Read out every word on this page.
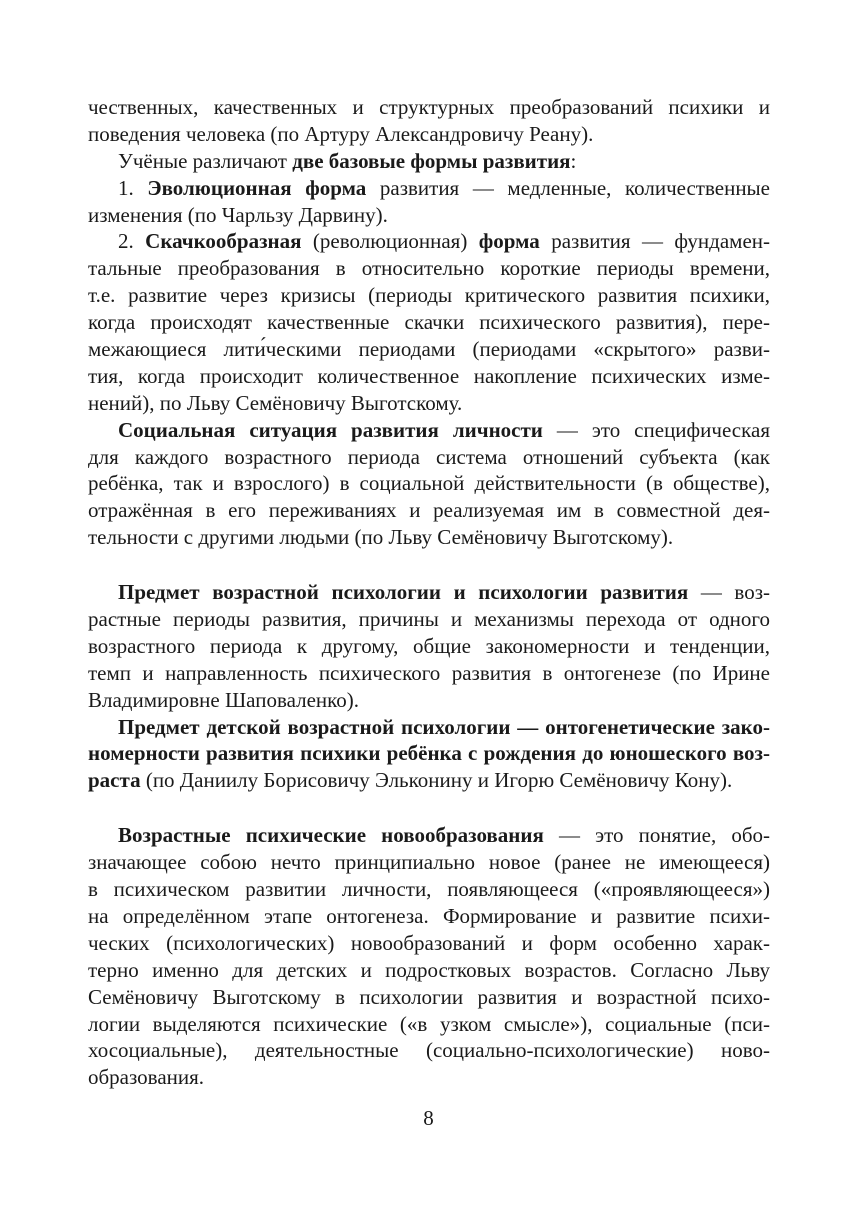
чественных, качественных и структурных преобразований психики и
поведения человека (по Артуру Александровичу Реану).
Учёные различают две базовые формы развития:
1. Эволюционная форма развития — медленные, количественные
изменения (по Чарльзу Дарвину).
2. Скачкообразная (революционная) форма развития — фундамен-
тальные преобразования в относительно короткие периоды времени,
т.е. развитие через кризисы (периоды критического развития психики,
когда происходят качественные скачки психического развития), пере-
межающиеся лити́ческими периодами (периодами «скрытого» разви-
тия, когда происходит количественное накопление психических изме-
нений), по Льву Семёновичу Выготскому.
Социальная ситуация развития личности — это специфическая
для каждого возрастного периода система отношений субъекта (как
ребёнка, так и взрослого) в социальной действительности (в обществе),
отражённая в его переживаниях и реализуемая им в совместной дея-
тельности с другими людьми (по Льву Семёновичу Выготскому).
Предмет возрастной психологии и психологии развития — воз-
растные периоды развития, причины и механизмы перехода от одного
возрастного периода к другому, общие закономерности и тенденции,
темп и направленность психического развития в онтогенезе (по Ирине
Владимировне Шаповаленко).
Предмет детской возрастной психологии — онтогенетические зако-
номерности развития психики ребёнка с рождения до юношеского воз-
раста (по Даниилу Борисовичу Эльконину и Игорю Семёновичу Кону).
Возрастные психические новообразования — это понятие, обо-
значающее собою нечто принципиально новое (ранее не имеющееся)
в психическом развитии личности, появляющееся («проявляющееся»)
на определённом этапе онтогенеза. Формирование и развитие психи-
ческих (психологических) новообразований и форм особенно харак-
терно именно для детских и подростковых возрастов. Согласно Льву
Семёновичу Выготскому в психологии развития и возрастной психо-
логии выделяются психические («в узком смысле»), социальные (пси-
хосоциальные), деятельностные (социально-психологические) ново-
образования.
8
